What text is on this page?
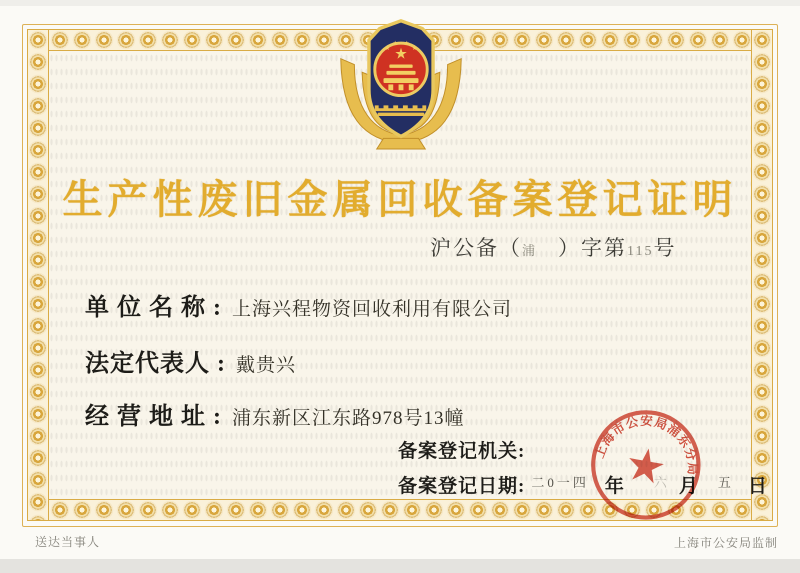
生产性废旧金属回收备案登记证明
沪公备（浦 ）字第115号
单 位 名 称 : 上海兴程物资回收利用有限公司
法定代表人 : 戴贵兴
经 营 地 址 : 浦东新区江东路978号13幢
备案登记机关:
备案登记日期: $^{二0一四}$ 年 $^六$ 月 $^五$ 日
上海市公安局浦东分局
送达当事人	上海市公安局监制
